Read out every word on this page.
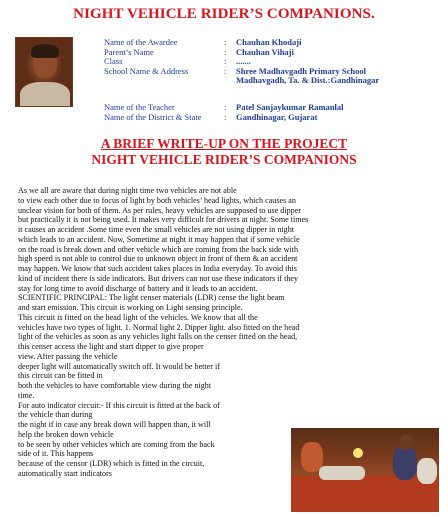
NIGHT VEHICLE RIDER’S COMPANIONS.
Name of the Awardee	:	Chauhan Khodaji
Parent’s Name	:	Chauhan Vihaji
Class	:	.......
School Name & Address	:	Shree Madhavgadh Primary School
Madhavgadh, Ta. & Dist.:Gandhinagar
Name of the Teacher	:	Patel Sanjaykumar Ramanlal
Name of the District & State	:	Gandhinagar, Gujarat
A BRIEF WRITE-UP ON THE PROJECT
NIGHT VEHICLE RIDER’S COMPANIONS
As we all are aware that during night time two vehicles are not able
to view each other due to focus of light by both vehicles’ head lights, which causes an
unclear vision for both of them. As per rules, heavy vehicles are supposed to use dipper
but practically it is not being used. It makes very difficult for drivers at night. Some times
it causes an accident .Some time even the small vehicles are not using dipper in night
which leads to an accident. Now, Sometime at night it may happen that if some vehicle
on the road is break down and other vehicle which are coming from the back side with
high speed is not able to control due to unknown object in front of them & an accident
may happen. We know that such accident takes places in India everyday. To avoid this
kind of incident there is side indicators. But drivers can not use these indicators if they
stay for long time to avoid discharge of battery and it leads to an accident.
SCIENTIFIC PRINCIPAL: The light censer materials (LDR) cense the light beam
and start emission. This circuit is working on Light sensing principle.
This circuit is fitted on the head light of the vehicles. We know that all the
vehicles have two types of light. 1. Normal light 2. Dipper light. also fitted on the head
light of the vehicles as soon as any vehicles light falls on the censer fitted on the head,
this censer access the light and start dipper to give proper
view. After passing the vehicle
deeper light will automatically switch off. It would be better if
this circuit can be fitted in
both the vehicles to have comfortable view during the night
time.
For auto indicator circuit:- If this circuit is fitted at the back of
the vehicle than during
the night if in case any break down will happen than, it will
help the broken down vehicle
to be seen by other vehicles which are coming from the back
side of it. This happens
because of the censor (LDR) which is fitted in the circuit,
automatically start indicators
